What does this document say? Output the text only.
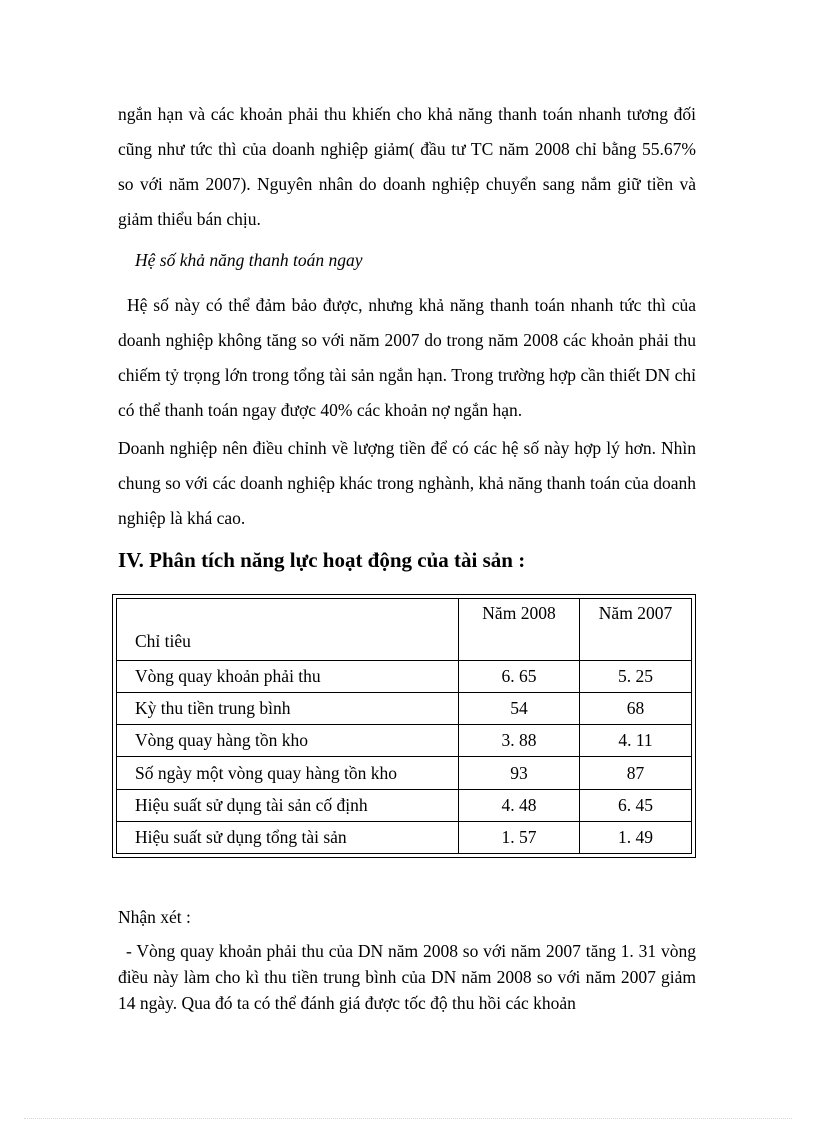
ngắn hạn và các khoản phải thu khiến cho khả năng thanh toán nhanh tương đối cũng như tức thì của doanh nghiệp giảm( đầu tư TC năm 2008 chỉ bằng 55.67% so với năm 2007). Nguyên nhân do doanh nghiệp chuyển sang nắm giữ tiền và giảm thiểu bán chịu.

Hệ số khả năng thanh toán ngay

Hệ số này có thể đảm bảo được, nhưng khả năng thanh toán nhanh tức thì của doanh nghiệp không tăng so với năm 2007 do trong năm 2008 các khoản phải thu chiếm tỷ trọng lớn trong tổng tài sản ngắn hạn. Trong trường hợp cần thiết DN chỉ có thể thanh toán ngay được 40% các khoản nợ ngắn hạn.

Doanh nghiệp nên điều chỉnh về lượng tiền để có các hệ số này hợp lý hơn. Nhìn chung so với các doanh nghiệp khác trong nghành, khả năng thanh toán của doanh nghiệp là khá cao.

IV. Phân tích năng lực hoạt động của tài sản :
Chỉ tiêu	Năm 2008	Năm 2007
Vòng quay khoản phải thu	6. 65	5. 25
Kỳ thu tiền trung bình	54	68
Vòng quay hàng tồn kho	3. 88	4. 11
Số ngày một vòng quay hàng tồn kho	93	87
Hiệu suất sử dụng tài sản cố định	4. 48	6. 45
Hiệu suất sử dụng tổng tài sản	1. 57	1. 49

Nhận xét :

- Vòng quay khoản phải thu của DN năm 2008 so với năm 2007 tăng 1. 31 vòng điều này làm cho kì thu tiền trung bình của DN năm 2008 so với năm 2007 giảm 14 ngày. Qua đó ta có thể đánh giá được tốc độ thu hồi các khoản
